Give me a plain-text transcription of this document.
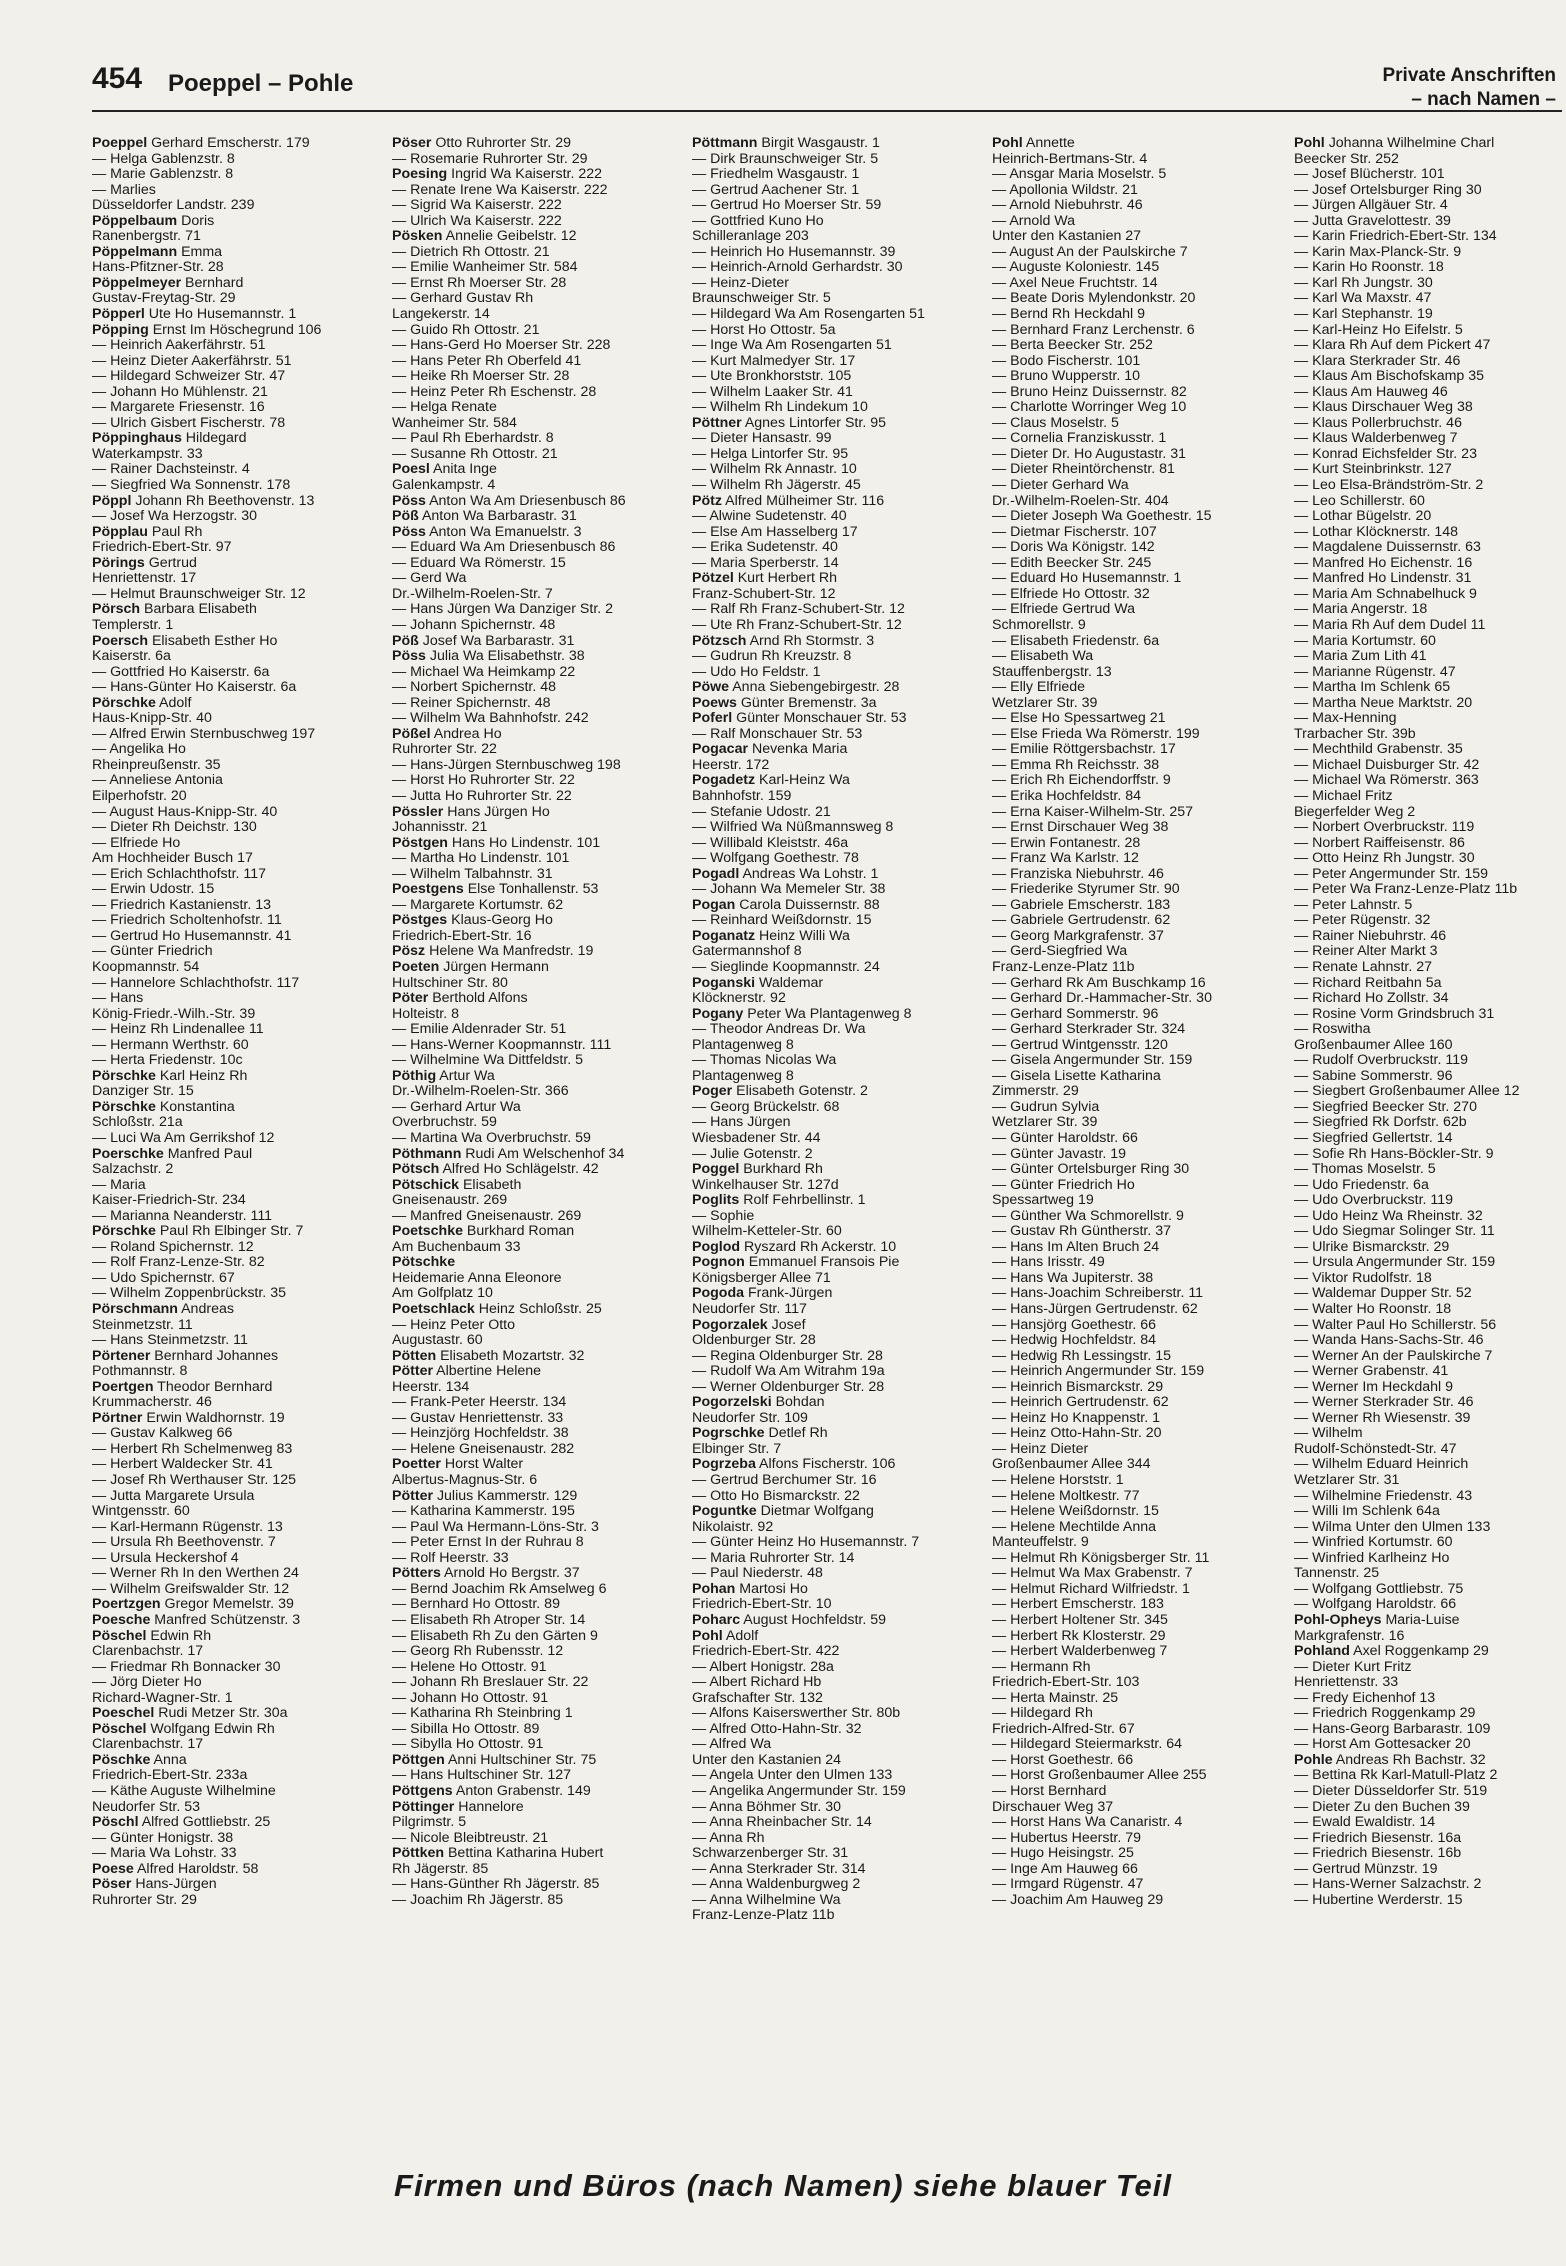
454 Poeppel – Pohle	Private Anschriften
– nach Namen –
Poeppel Gerhard Emscherstr. 179
— Helga Gablenzstr. 8
— Marie Gablenzstr. 8
— Marlies
Düsseldorfer Landstr. 239
Pöppelbaum Doris
Ranenbergstr. 71
Pöppelmann Emma
Hans-Pfitzner-Str. 28
Pöppelmeyer Bernhard
Gustav-Freytag-Str. 29
Pöpperl Ute Ho Husemannstr. 1
Pöpping Ernst Im Höschegrund 106
— Heinrich Aakerfährstr. 51
— Heinz Dieter Aakerfährstr. 51
— Hildegard Schweizer Str. 47
— Johann Ho Mühlenstr. 21
— Margarete Friesenstr. 16
— Ulrich Gisbert Fischerstr. 78
Pöppinghaus Hildegard
Waterkampstr. 33
— Rainer Dachsteinstr. 4
— Siegfried Wa Sonnenstr. 178
Pöppl Johann Rh Beethovenstr. 13
— Josef Wa Herzogstr. 30
Pöpplau Paul Rh
Friedrich-Ebert-Str. 97
Pörings Gertrud
Henriettenstr. 17
— Helmut Braunschweiger Str. 12
Pörsch Barbara Elisabeth
Templerstr. 1
Poersch Elisabeth Esther Ho
Kaiserstr. 6a
— Gottfried Ho Kaiserstr. 6a
— Hans-Günter Ho Kaiserstr. 6a
Pörschke Adolf
Haus-Knipp-Str. 40
— Alfred Erwin Sternbuschweg 197
— Angelika Ho
Rheinpreußenstr. 35
— Anneliese Antonia
Eilperhofstr. 20
— August Haus-Knipp-Str. 40
— Dieter Rh Deichstr. 130
— Elfriede Ho
Am Hochheider Busch 17
— Erich Schlachthofstr. 117
— Erwin Udostr. 15
— Friedrich Kastanienstr. 13
— Friedrich Scholtenhofstr. 11
— Gertrud Ho Husemannstr. 41
— Günter Friedrich
Koopmannstr. 54
— Hannelore Schlachthofstr. 117
— Hans
König-Friedr.-Wilh.-Str. 39
— Heinz Rh Lindenallee 11
— Hermann Werthstr. 60
— Herta Friedenstr. 10c
Pörschke Karl Heinz Rh
Danziger Str. 15
Pörschke Konstantina
Schloßstr. 21a
— Luci Wa Am Gerrikshof 12
Poerschke Manfred Paul
Salzachstr. 2
— Maria
Kaiser-Friedrich-Str. 234
— Marianna Neanderstr. 111
Pörschke Paul Rh Elbinger Str. 7
— Roland Spichernstr. 12
— Rolf Franz-Lenze-Str. 82
— Udo Spichernstr. 67
— Wilhelm Zoppenbrückstr. 35
Pörschmann Andreas
Steinmetzstr. 11
— Hans Steinmetzstr. 11
Pörtener Bernhard Johannes
Pothmannstr. 8
Poertgen Theodor Bernhard
Krummacherstr. 46
Pörtner Erwin Waldhornstr. 19
— Gustav Kalkweg 66
— Herbert Rh Schelmenweg 83
— Herbert Waldecker Str. 41
— Josef Rh Werthauser Str. 125
— Jutta Margarete Ursula
Wintgensstr. 60
— Karl-Hermann Rügenstr. 13
— Ursula Rh Beethovenstr. 7
— Ursula Heckershof 4
— Werner Rh In den Werthen 24
— Wilhelm Greifswalder Str. 12
Poertzgen Gregor Memelstr. 39
Poesche Manfred Schützenstr. 3
Pöschel Edwin Rh
Clarenbachstr. 17
— Friedmar Rh Bonnacker 30
— Jörg Dieter Ho
Richard-Wagner-Str. 1
Poeschel Rudi Metzer Str. 30a
Pöschel Wolfgang Edwin Rh
Clarenbachstr. 17
Pöschke Anna
Friedrich-Ebert-Str. 233a
— Käthe Auguste Wilhelmine
Neudorfer Str. 53
Pöschl Alfred Gottliebstr. 25
— Günter Honigstr. 38
— Maria Wa Lohstr. 33
Poese Alfred Haroldstr. 58
Pöser Hans-Jürgen
Ruhrorter Str. 29
Pöser Otto Ruhrorter Str. 29
— Rosemarie Ruhrorter Str. 29
Poesing Ingrid Wa Kaiserstr. 222
— Renate Irene Wa Kaiserstr. 222
— Sigrid Wa Kaiserstr. 222
— Ulrich Wa Kaiserstr. 222
Pösken Annelie Geibelstr. 12
— Dietrich Rh Ottostr. 21
— Emilie Wanheimer Str. 584
— Ernst Rh Moerser Str. 28
— Gerhard Gustav Rh
Langekerstr. 14
— Guido Rh Ottostr. 21
— Hans-Gerd Ho Moerser Str. 228
— Hans Peter Rh Oberfeld 41
— Heike Rh Moerser Str. 28
— Heinz Peter Rh Eschenstr. 28
— Helga Renate
Wanheimer Str. 584
— Paul Rh Eberhardstr. 8
— Susanne Rh Ottostr. 21
Poesl Anita Inge
Galenkampstr. 4
Pöss Anton Wa Am Driesenbusch 86
Pöß Anton Wa Barbarastr. 31
Pöss Anton Wa Emanuelstr. 3
— Eduard Wa Am Driesenbusch 86
— Eduard Wa Römerstr. 15
— Gerd Wa
Dr.-Wilhelm-Roelen-Str. 7
— Hans Jürgen Wa Danziger Str. 2
— Johann Spichernstr. 48
Pöß Josef Wa Barbarastr. 31
Pöss Julia Wa Elisabethstr. 38
— Michael Wa Heimkamp 22
— Norbert Spichernstr. 48
— Reiner Spichernstr. 48
— Wilhelm Wa Bahnhofstr. 242
Pößel Andrea Ho
Ruhrorter Str. 22
— Hans-Jürgen Sternbuschweg 198
— Horst Ho Ruhrorter Str. 22
— Jutta Ho Ruhrorter Str. 22
Pössler Hans Jürgen Ho
Johannisstr. 21
Pöstgen Hans Ho Lindenstr. 101
— Martha Ho Lindenstr. 101
— Wilhelm Talbahnstr. 31
Poestgens Else Tonhallenstr. 53
— Margarete Kortumstr. 62
Pöstges Klaus-Georg Ho
Friedrich-Ebert-Str. 16
Pösz Helene Wa Manfredstr. 19
Poeten Jürgen Hermann
Hultschiner Str. 80
Pöter Berthold Alfons
Holteistr. 8
— Emilie Aldenrader Str. 51
— Hans-Werner Koopmannstr. 111
— Wilhelmine Wa Dittfeldstr. 5
Pöthig Artur Wa
Dr.-Wilhelm-Roelen-Str. 366
— Gerhard Artur Wa
Overbruchstr. 59
— Martina Wa Overbruchstr. 59
Pöthmann Rudi Am Welschenhof 34
Pötsch Alfred Ho Schlägelstr. 42
Pötschick Elisabeth
Gneisenaustr. 269
— Manfred Gneisenaustr. 269
Poetschke Burkhard Roman
Am Buchenbaum 33
Pötschke
Heidemarie Anna Eleonore
Am Golfplatz 10
Poetschlack Heinz Schloßstr. 25
— Heinz Peter Otto
Augustastr. 60
Pötten Elisabeth Mozartstr. 32
Pötter Albertine Helene
Heerstr. 134
— Frank-Peter Heerstr. 134
— Gustav Henriettenstr. 33
— Heinzjörg Hochfeldstr. 38
— Helene Gneisenaustr. 282
Poetter Horst Walter
Albertus-Magnus-Str. 6
Pötter Julius Kammerstr. 129
— Katharina Kammerstr. 195
— Paul Wa Hermann-Löns-Str. 3
— Peter Ernst In der Ruhrau 8
— Rolf Heerstr. 33
Pötters Arnold Ho Bergstr. 37
— Bernd Joachim Rk Amselweg 6
— Bernhard Ho Ottostr. 89
— Elisabeth Rh Atroper Str. 14
— Elisabeth Rh Zu den Gärten 9
— Georg Rh Rubensstr. 12
— Helene Ho Ottostr. 91
— Johann Rh Breslauer Str. 22
— Johann Ho Ottostr. 91
— Katharina Rh Steinbring 1
— Sibilla Ho Ottostr. 89
— Sibylla Ho Ottostr. 91
Pöttgen Anni Hultschiner Str. 75
— Hans Hultschiner Str. 127
Pöttgens Anton Grabenstr. 149
Pöttinger Hannelore
Pilgrimstr. 5
— Nicole Bleibtreustr. 21
Pöttken Bettina Katharina Hubert
Rh Jägerstr. 85
— Hans-Günther Rh Jägerstr. 85
— Joachim Rh Jägerstr. 85
Pöttmann Birgit Wasgaustr. 1
— Dirk Braunschweiger Str. 5
— Friedhelm Wasgaustr. 1
— Gertrud Aachener Str. 1
— Gertrud Ho Moerser Str. 59
— Gottfried Kuno Ho
Schilleranlage 203
— Heinrich Ho Husemannstr. 39
— Heinrich-Arnold Gerhardstr. 30
— Heinz-Dieter
Braunschweiger Str. 5
— Hildegard Wa Am Rosengarten 51
— Horst Ho Ottostr. 5a
— Inge Wa Am Rosengarten 51
— Kurt Malmedyer Str. 17
— Ute Bronkhorststr. 105
— Wilhelm Laaker Str. 41
— Wilhelm Rh Lindekum 10
Pöttner Agnes Lintorfer Str. 95
— Dieter Hansastr. 99
— Helga Lintorfer Str. 95
— Wilhelm Rk Annastr. 10
— Wilhelm Rh Jägerstr. 45
Pötz Alfred Mülheimer Str. 116
— Alwine Sudetenstr. 40
— Else Am Hasselberg 17
— Erika Sudetenstr. 40
— Maria Sperberstr. 14
Pötzel Kurt Herbert Rh
Franz-Schubert-Str. 12
— Ralf Rh Franz-Schubert-Str. 12
— Ute Rh Franz-Schubert-Str. 12
Pötzsch Arnd Rh Stormstr. 3
— Gudrun Rh Kreuzstr. 8
— Udo Ho Feldstr. 1
Pöwe Anna Siebengebirgestr. 28
Poews Günter Bremenstr. 3a
Poferl Günter Monschauer Str. 53
— Ralf Monschauer Str. 53
Pogacar Nevenka Maria
Heerstr. 172
Pogadetz Karl-Heinz Wa
Bahnhofstr. 159
— Stefanie Udostr. 21
— Wilfried Wa Nüßmannsweg 8
— Willibald Kleiststr. 46a
— Wolfgang Goethestr. 78
Pogadl Andreas Wa Lohstr. 1
— Johann Wa Memeler Str. 38
Pogan Carola Duissernstr. 88
— Reinhard Weißdornstr. 15
Poganatz Heinz Willi Wa
Gatermannshof 8
— Sieglinde Koopmannstr. 24
Poganski Waldemar
Klöcknerstr. 92
Pogany Peter Wa Plantagenweg 8
— Theodor Andreas Dr. Wa
Plantagenweg 8
— Thomas Nicolas Wa
Plantagenweg 8
Poger Elisabeth Gotenstr. 2
— Georg Brückelstr. 68
— Hans Jürgen
Wiesbadener Str. 44
— Julie Gotenstr. 2
Poggel Burkhard Rh
Winkelhauser Str. 127d
Poglits Rolf Fehrbellinstr. 1
— Sophie
Wilhelm-Ketteler-Str. 60
Poglod Ryszard Rh Ackerstr. 10
Pognon Emmanuel Fransois Pie
Königsberger Allee 71
Pogoda Frank-Jürgen
Neudorfer Str. 117
Pogorzalek Josef
Oldenburger Str. 28
— Regina Oldenburger Str. 28
— Rudolf Wa Am Witrahm 19a
— Werner Oldenburger Str. 28
Pogorzelski Bohdan
Neudorfer Str. 109
Pogrschke Detlef Rh
Elbinger Str. 7
Pogrzeba Alfons Fischerstr. 106
— Gertrud Berchumer Str. 16
— Otto Ho Bismarckstr. 22
Poguntke Dietmar Wolfgang
Nikolaistr. 92
— Günter Heinz Ho Husemannstr. 7
— Maria Ruhrorter Str. 14
— Paul Niederstr. 48
Pohan Martosi Ho
Friedrich-Ebert-Str. 10
Poharc August Hochfeldstr. 59
Pohl Adolf
Friedrich-Ebert-Str. 422
— Albert Honigstr. 28a
— Albert Richard Hb
Grafschafter Str. 132
— Alfons Kaiserswerther Str. 80b
— Alfred Otto-Hahn-Str. 32
— Alfred Wa
Unter den Kastanien 24
— Angela Unter den Ulmen 133
— Angelika Angermunder Str. 159
— Anna Böhmer Str. 30
— Anna Rheinbacher Str. 14
— Anna Rh
Schwarzenberger Str. 31
— Anna Sterkrader Str. 314
— Anna Waldenburgweg 2
— Anna Wilhelmine Wa
Franz-Lenze-Platz 11b
Pohl Annette
Heinrich-Bertmans-Str. 4
— Ansgar Maria Moselstr. 5
— Apollonia Wildstr. 21
— Arnold Niebuhrstr. 46
— Arnold Wa
Unter den Kastanien 27
— August An der Paulskirche 7
— Auguste Koloniestr. 145
— Axel Neue Fruchtstr. 14
— Beate Doris Mylendonkstr. 20
— Bernd Rh Heckdahl 9
— Bernhard Franz Lerchenstr. 6
— Berta Beecker Str. 252
— Bodo Fischerstr. 101
— Bruno Wupperstr. 10
— Bruno Heinz Duissernstr. 82
— Charlotte Worringer Weg 10
— Claus Moselstr. 5
— Cornelia Franziskusstr. 1
— Dieter Dr. Ho Augustastr. 31
— Dieter Rheintörchenstr. 81
— Dieter Gerhard Wa
Dr.-Wilhelm-Roelen-Str. 404
— Dieter Joseph Wa Goethestr. 15
— Dietmar Fischerstr. 107
— Doris Wa Königstr. 142
— Edith Beecker Str. 245
— Eduard Ho Husemannstr. 1
— Elfriede Ho Ottostr. 32
— Elfriede Gertrud Wa
Schmorellstr. 9
— Elisabeth Friedenstr. 6a
— Elisabeth Wa
Stauffenbergstr. 13
— Elly Elfriede
Wetzlarer Str. 39
— Else Ho Spessartweg 21
— Else Frieda Wa Römerstr. 199
— Emilie Röttgersbachstr. 17
— Emma Rh Reichsstr. 38
— Erich Rh Eichendorffstr. 9
— Erika Hochfeldstr. 84
— Erna Kaiser-Wilhelm-Str. 257
— Ernst Dirschauer Weg 38
— Erwin Fontanestr. 28
— Franz Wa Karlstr. 12
— Franziska Niebuhrstr. 46
— Friederike Styrumer Str. 90
— Gabriele Emscherstr. 183
— Gabriele Gertrudenstr. 62
— Georg Markgrafenstr. 37
— Gerd-Siegfried Wa
Franz-Lenze-Platz 11b
— Gerhard Rk Am Buschkamp 16
— Gerhard Dr.-Hammacher-Str. 30
— Gerhard Sommerstr. 96
— Gerhard Sterkrader Str. 324
— Gertrud Wintgensstr. 120
— Gisela Angermunder Str. 159
— Gisela Lisette Katharina
Zimmerstr. 29
— Gudrun Sylvia
Wetzlarer Str. 39
— Günter Haroldstr. 66
— Günter Javastr. 19
— Günter Ortelsburger Ring 30
— Günter Friedrich Ho
Spessartweg 19
— Günther Wa Schmorellstr. 9
— Gustav Rh Güntherstr. 37
— Hans Im Alten Bruch 24
— Hans Irisstr. 49
— Hans Wa Jupiterstr. 38
— Hans-Joachim Schreiberstr. 11
— Hans-Jürgen Gertrudenstr. 62
— Hansjörg Goethestr. 66
— Hedwig Hochfeldstr. 84
— Hedwig Rh Lessingstr. 15
— Heinrich Angermunder Str. 159
— Heinrich Bismarckstr. 29
— Heinrich Gertrudenstr. 62
— Heinz Ho Knappenstr. 1
— Heinz Otto-Hahn-Str. 20
— Heinz Dieter
Großenbaumer Allee 344
— Helene Horststr. 1
— Helene Moltkestr. 77
— Helene Weißdornstr. 15
— Helene Mechtilde Anna
Manteuffelstr. 9
— Helmut Rh Königsberger Str. 11
— Helmut Wa Max Grabenstr. 7
— Helmut Richard Wilfriedstr. 1
— Herbert Emscherstr. 183
— Herbert Holtener Str. 345
— Herbert Rk Klosterstr. 29
— Herbert Walderbenweg 7
— Hermann Rh
Friedrich-Ebert-Str. 103
— Herta Mainstr. 25
— Hildegard Rh
Friedrich-Alfred-Str. 67
— Hildegard Steiermarkstr. 64
— Horst Goethestr. 66
— Horst Großenbaumer Allee 255
— Horst Bernhard
Dirschauer Weg 37
— Horst Hans Wa Canaristr. 4
— Hubertus Heerstr. 79
— Hugo Heisingstr. 25
— Inge Am Hauweg 66
— Irmgard Rügenstr. 47
— Joachim Am Hauweg 29
Pohl Johanna Wilhelmine Charl
Beecker Str. 252
— Josef Blücherstr. 101
— Josef Ortelsburger Ring 30
— Jürgen Allgäuer Str. 4
— Jutta Gravelottestr. 39
— Karin Friedrich-Ebert-Str. 134
— Karin Max-Planck-Str. 9
— Karin Ho Roonstr. 18
— Karl Rh Jungstr. 30
— Karl Wa Maxstr. 47
— Karl Stephanstr. 19
— Karl-Heinz Ho Eifelstr. 5
— Klara Rh Auf dem Pickert 47
— Klara Sterkrader Str. 46
— Klaus Am Bischofskamp 35
— Klaus Am Hauweg 46
— Klaus Dirschauer Weg 38
— Klaus Pollerbruchstr. 46
— Klaus Walderbenweg 7
— Konrad Eichsfelder Str. 23
— Kurt Steinbrinkstr. 127
— Leo Elsa-Brändström-Str. 2
— Leo Schillerstr. 60
— Lothar Bügelstr. 20
— Lothar Klöcknerstr. 148
— Magdalene Duissernstr. 63
— Manfred Ho Eichenstr. 16
— Manfred Ho Lindenstr. 31
— Maria Am Schnabelhuck 9
— Maria Angerstr. 18
— Maria Rh Auf dem Dudel 11
— Maria Kortumstr. 60
— Maria Zum Lith 41
— Marianne Rügenstr. 47
— Martha Im Schlenk 65
— Martha Neue Marktstr. 20
— Max-Henning
Trarbacher Str. 39b
— Mechthild Grabenstr. 35
— Michael Duisburger Str. 42
— Michael Wa Römerstr. 363
— Michael Fritz
Biegerfelder Weg 2
— Norbert Overbruckstr. 119
— Norbert Raiffeisenstr. 86
— Otto Heinz Rh Jungstr. 30
— Peter Angermunder Str. 159
— Peter Wa Franz-Lenze-Platz 11b
— Peter Lahnstr. 5
— Peter Rügenstr. 32
— Rainer Niebuhrstr. 46
— Reiner Alter Markt 3
— Renate Lahnstr. 27
— Richard Reitbahn 5a
— Richard Ho Zollstr. 34
— Rosine Vorm Grindsbruch 31
— Roswitha
Großenbaumer Allee 160
— Rudolf Overbruckstr. 119
— Sabine Sommerstr. 96
— Siegbert Großenbaumer Allee 12
— Siegfried Beecker Str. 270
— Siegfried Rk Dorfstr. 62b
— Siegfried Gellertstr. 14
— Sofie Rh Hans-Böckler-Str. 9
— Thomas Moselstr. 5
— Udo Friedenstr. 6a
— Udo Overbruckstr. 119
— Udo Heinz Wa Rheinstr. 32
— Udo Siegmar Solinger Str. 11
— Ulrike Bismarckstr. 29
— Ursula Angermunder Str. 159
— Viktor Rudolfstr. 18
— Waldemar Dupper Str. 52
— Walter Ho Roonstr. 18
— Walter Paul Ho Schillerstr. 56
— Wanda Hans-Sachs-Str. 46
— Werner An der Paulskirche 7
— Werner Grabenstr. 41
— Werner Im Heckdahl 9
— Werner Sterkrader Str. 46
— Werner Rh Wiesenstr. 39
— Wilhelm
Rudolf-Schönstedt-Str. 47
— Wilhelm Eduard Heinrich
Wetzlarer Str. 31
— Wilhelmine Friedenstr. 43
— Willi Im Schlenk 64a
— Wilma Unter den Ulmen 133
— Winfried Kortumstr. 60
— Winfried Karlheinz Ho
Tannenstr. 25
— Wolfgang Gottliebstr. 75
— Wolfgang Haroldstr. 66
Pohl-Opheys Maria-Luise
Markgrafenstr. 16
Pohland Axel Roggenkamp 29
— Dieter Kurt Fritz
Henriettenstr. 33
— Fredy Eichenhof 13
— Friedrich Roggenkamp 29
— Hans-Georg Barbarastr. 109
— Horst Am Gottesacker 20
Pohle Andreas Rh Bachstr. 32
— Bettina Rk Karl-Matull-Platz 2
— Dieter Düsseldorfer Str. 519
— Dieter Zu den Buchen 39
— Ewald Ewaldistr. 14
— Friedrich Biesenstr. 16a
— Friedrich Biesenstr. 16b
— Gertrud Münzstr. 19
— Hans-Werner Salzachstr. 2
— Hubertine Werderstr. 15
Firmen und Büros (nach Namen) siehe blauer Teil
